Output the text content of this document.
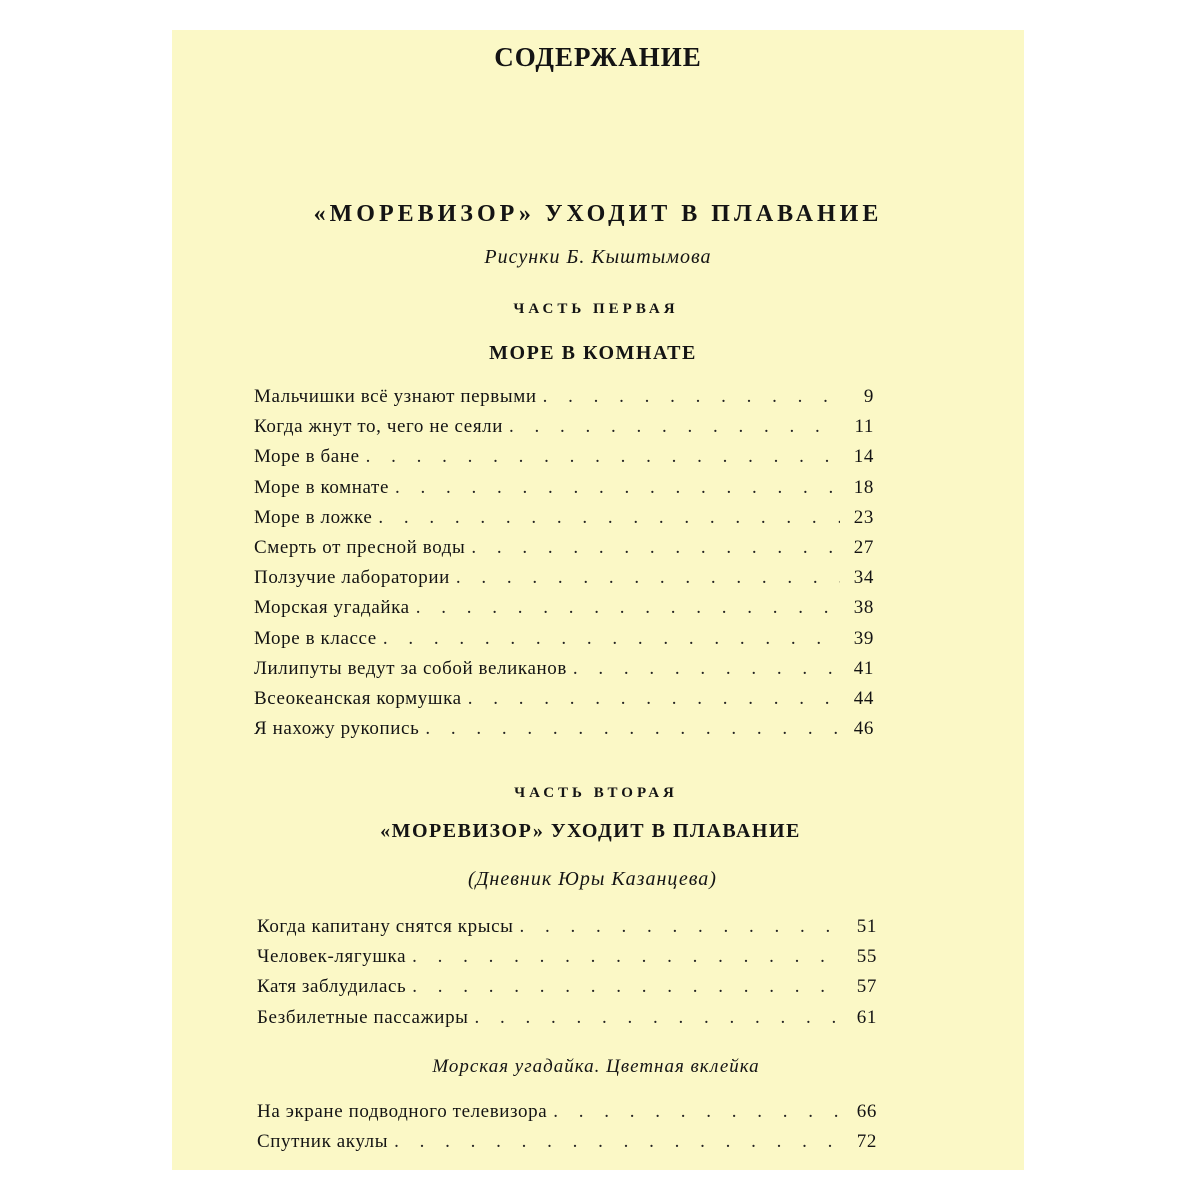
СОДЕРЖАНИЕ
«МОРЕВИЗОР» УХОДИТ В ПЛАВАНИЕ

Рисунки Б. Кыштымова

ЧАСТЬ ПЕРВАЯ

МОРЕ В КОМНАТЕ
Мальчишки всё узнают первыми . . .	9
Когда жнут то, чего не сеяли . . .	11
Море в бане . . .	14
Море в комнате . . .	18
Море в ложке . . .	23
Смерть от пресной воды . . .	27
Ползучие лаборатории . . .	34
Морская угадайка . . .	38
Море в классе . . .	39
Лилипуты ведут за собой великанов . . .	41
Всеокеанская кормушка . . .	44
Я нахожу рукопись . . .	46

ЧАСТЬ ВТОРАЯ

«МОРЕВИЗОР» УХОДИТ В ПЛАВАНИЕ

(Дневник Юры Казанцева)

Когда капитану снятся крысы . . .	51
Человек-лягушка . . .	55
Катя заблудилась . . .	57
Безбилетные пассажиры . . .	61

Морская угадайка. Цветная вклейка

На экране подводного телевизора . . .	66
Спутник акулы . . .	72
